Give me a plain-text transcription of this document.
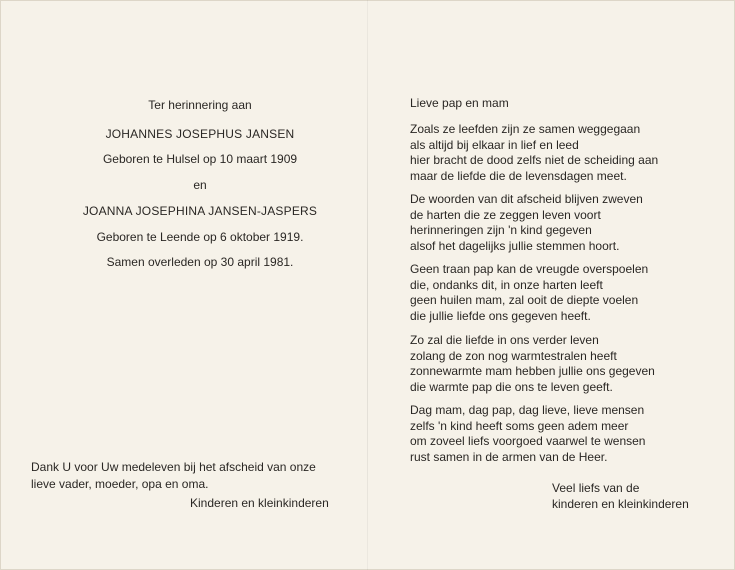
Ter herinnering aan
JOHANNES JOSEPHUS JANSEN
Geboren te Hulsel op 10 maart 1909
en
JOANNA JOSEPHINA JANSEN-JASPERS
Geboren te Leende op 6 oktober 1919.
Samen overleden op 30 april 1981.
Dank U voor Uw medeleven bij het afscheid van onze
lieve vader, moeder, opa en oma.
Kinderen en kleinkinderen
Lieve pap en mam
Zoals ze leefden zijn ze samen weggegaan
als altijd bij elkaar in lief en leed
hier bracht de dood zelfs niet de scheiding aan
maar de liefde die de levensdagen meet.
De woorden van dit afscheid blijven zweven
de harten die ze zeggen leven voort
herinneringen zijn 'n kind gegeven
alsof het dagelijks jullie stemmen hoort.
Geen traan pap kan de vreugde overspoelen
die, ondanks dit, in onze harten leeft
geen huilen mam, zal ooit de diepte voelen
die jullie liefde ons gegeven heeft.
Zo zal die liefde in ons verder leven
zolang de zon nog warmtestralen heeft
zonnewarmte mam hebben jullie ons gegeven
die warmte pap die ons te leven geeft.
Dag mam, dag pap, dag lieve, lieve mensen
zelfs 'n kind heeft soms geen adem meer
om zoveel liefs voorgoed vaarwel te wensen
rust samen in de armen van de Heer.
Veel liefs van de
kinderen en kleinkinderen
